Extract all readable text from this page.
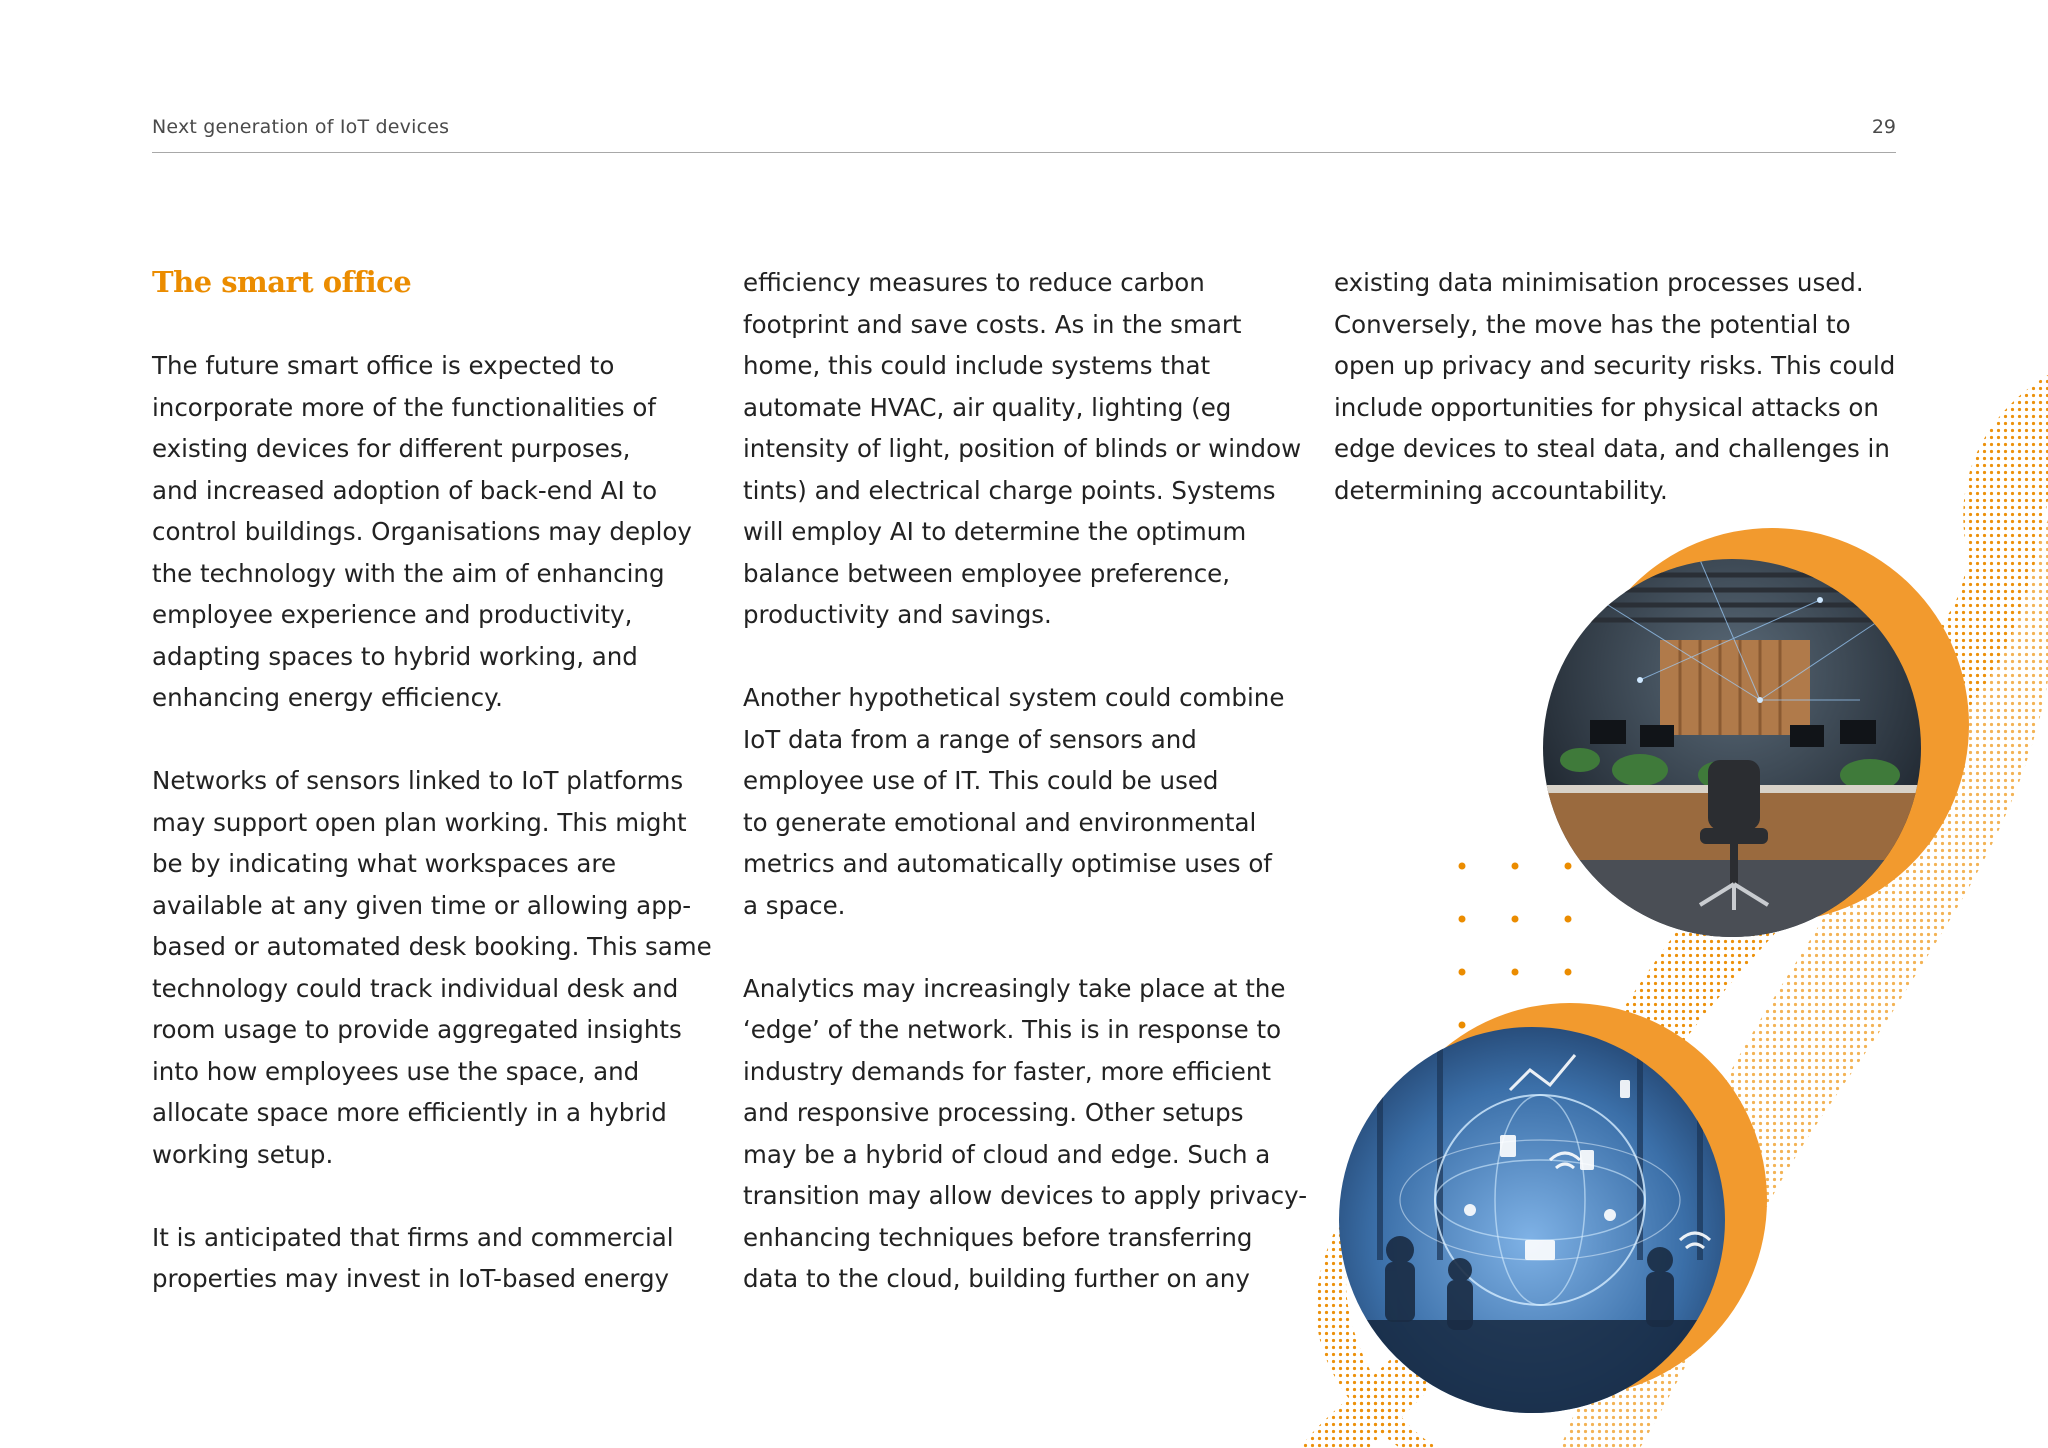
Next generation of IoT devices	29
The smart office

The future smart office is expected to
incorporate more of the functionalities of
existing devices for different purposes,
and increased adoption of back-end AI to
control buildings. Organisations may deploy
the technology with the aim of enhancing
employee experience and productivity,
adapting spaces to hybrid working, and
enhancing energy efficiency.

Networks of sensors linked to IoT platforms
may support open plan working. This might
be by indicating what workspaces are
available at any given time or allowing app-
based or automated desk booking. This same
technology could track individual desk and
room usage to provide aggregated insights
into how employees use the space, and
allocate space more efficiently in a hybrid
working setup.

It is anticipated that firms and commercial
properties may invest in IoT-based energy

efficiency measures to reduce carbon
footprint and save costs. As in the smart
home, this could include systems that
automate HVAC, air quality, lighting (eg
intensity of light, position of blinds or window
tints) and electrical charge points. Systems
will employ AI to determine the optimum
balance between employee preference,
productivity and savings.

Another hypothetical system could combine
IoT data from a range of sensors and
employee use of IT. This could be used
to generate emotional and environmental
metrics and automatically optimise uses of
a space.

Analytics may increasingly take place at the
‘edge’ of the network. This is in response to
industry demands for faster, more efficient
and responsive processing. Other setups
may be a hybrid of cloud and edge. Such a
transition may allow devices to apply privacy-
enhancing techniques before transferring
data to the cloud, building further on any

existing data minimisation processes used.
Conversely, the move has the potential to
open up privacy and security risks. This could
include opportunities for physical attacks on
edge devices to steal data, and challenges in
determining accountability.
